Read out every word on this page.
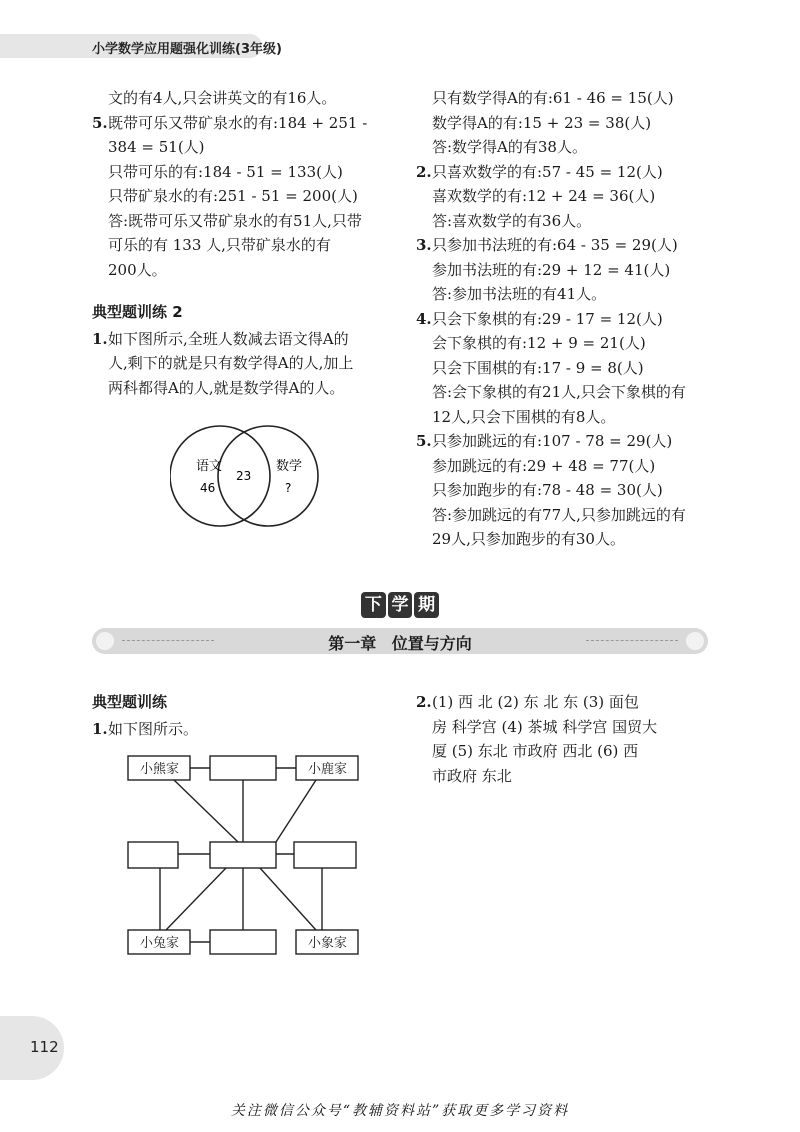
小学数学应用题强化训练(3年级)
文的有4人,只会讲英文的有16人。
5.既带可乐又带矿泉水的有:184 + 251 -
384 = 51(人)
只带可乐的有:184 - 51 = 133(人)
只带矿泉水的有:251 - 51 = 200(人)
答:既带可乐又带矿泉水的有51人,只带
可乐的有 133 人,只带矿泉水的有
200人。
典型题训练 2
1.如下图所示,全班人数减去语文得A的
人,剩下的就是只有数学得A的人,加上
两科都得A的人,就是数学得A的人。
语文
46
23
数学
?
只有数学得A的有:61 - 46 = 15(人)
数学得A的有:15 + 23 = 38(人)
答:数学得A的有38人。
2.只喜欢数学的有:57 - 45 = 12(人)
喜欢数学的有:12 + 24 = 36(人)
答:喜欢数学的有36人。
3.只参加书法班的有:64 - 35 = 29(人)
参加书法班的有:29 + 12 = 41(人)
答:参加书法班的有41人。
4.只会下象棋的有:29 - 17 = 12(人)
会下象棋的有:12 + 9 = 21(人)
只会下围棋的有:17 - 9 = 8(人)
答:会下象棋的有21人,只会下象棋的有
12人,只会下围棋的有8人。
5.只参加跳远的有:107 - 78 = 29(人)
参加跳远的有:29 + 48 = 77(人)
只参加跑步的有:78 - 48 = 30(人)
答:参加跳远的有77人,只参加跳远的有
29人,只参加跑步的有30人。
下 学 期
第一章 位置与方向
典型题训练
1.如下图所示。
2.(1) 西 北 (2) 东 北 东 (3) 面包
房 科学宫 (4) 茶城 科学宫 国贸大
厦 (5) 东北 市政府 西北 (6) 西
市政府 东北
小熊家	小鹿家
小兔家	小象家
112
关注微信公众号“教辅资料站”获取更多学习资料
